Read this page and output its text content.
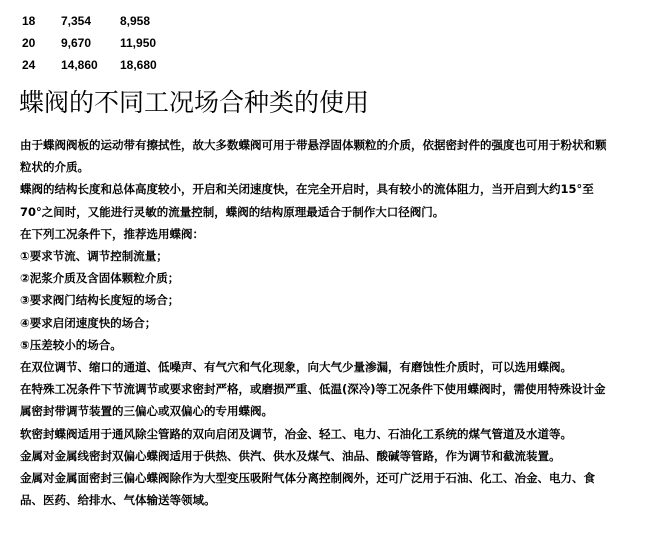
18	7,354	8,958
20	9,670	11,950
24	14,860	18,680
蝶阀的不同工况场合种类的使用

由于蝶阀阀板的运动带有擦拭性，故大多数蝶阀可用于带悬浮固体颗粒的介质，依据密封件的强度也可用于粉状和颗粒状的介质。

蝶阀的结构长度和总体高度较小，开启和关闭速度快，在完全开启时，具有较小的流体阻力，当开启到大约15°至70°之间时，又能进行灵敏的流量控制，蝶阀的结构原理最适合于制作大口径阀门。

在下列工况条件下，推荐选用蝶阀：

①要求节流、调节控制流量；

②泥浆介质及含固体颗粒介质；

③要求阀门结构长度短的场合；

④要求启闭速度快的场合；

⑤压差较小的场合。

在双位调节、缩口的通道、低噪声、有气穴和气化现象，向大气少量渗漏，有磨蚀性介质时，可以选用蝶阀。

在特殊工况条件下节流调节或要求密封严格，或磨损严重、低温(深冷)等工况条件下使用蝶阀时，需使用特殊设计金属密封带调节装置的三偏心或双偏心的专用蝶阀。

软密封蝶阀适用于通风除尘管路的双向启闭及调节，冶金、轻工、电力、石油化工系统的煤气管道及水道等。

金属对金属线密封双偏心蝶阀适用于供热、供汽、供水及煤气、油品、酸碱等管路，作为调节和截流装置。

金属对金属面密封三偏心蝶阀除作为大型变压吸附气体分离控制阀外，还可广泛用于石油、化工、冶金、电力、食品、医药、给排水、气体输送等领域。
